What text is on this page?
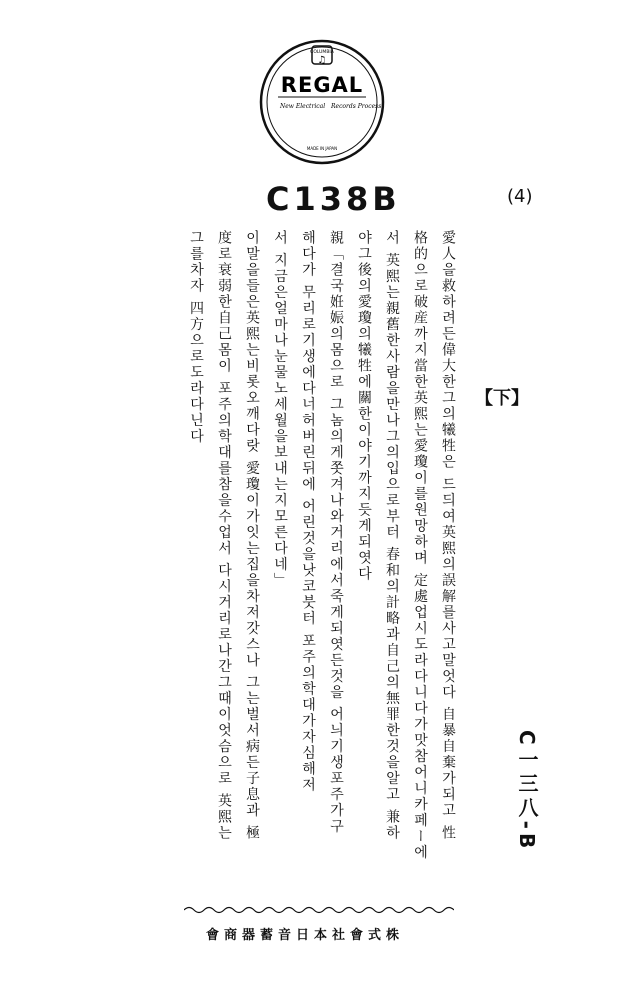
COLUMBIA
♫
REGAL
New Electrical Records Process
MADE IN JAPAN
C138B	(4)
【下】
C一三八-B
愛人을救하려든偉大한그의犧牲은 드듸여英熙의誤解를사고말엇다 自暴自棄가되고 性
格的으로破産까지當한英熙는愛瓊이를원망하며 定處업시도라다니다가맛참어니카페ー에
서 英熙는親舊한사람을만나그의입으로부터 春和의計略과自己의無罪한것을알고 兼하
야그後의愛瓊의犧牲에關한이야기까지듯게되엿다
親「결국姙娠의몸으로 그놈의게쫏겨나와거리에서죽게되엿든것을 어늬기생포주가구
해다가 무리로기생에다너허버린뒤에 어린것을낫코붓터 포주의학대가자심해저
서 지금은얼마나눈물노세월을보내는지모른다네」
이말을들은英熙는비롯오깨다랏 愛瓊이가잇는집을차저갓스나 그는벌서病든子息과 極
度로衰弱한自己몸이 포주의학대를참을수업서 다시거리로나간그때이엇슴으로 英熙는
그를차자 四方으로도라다닌다
會商器蓄音日本社會式株
